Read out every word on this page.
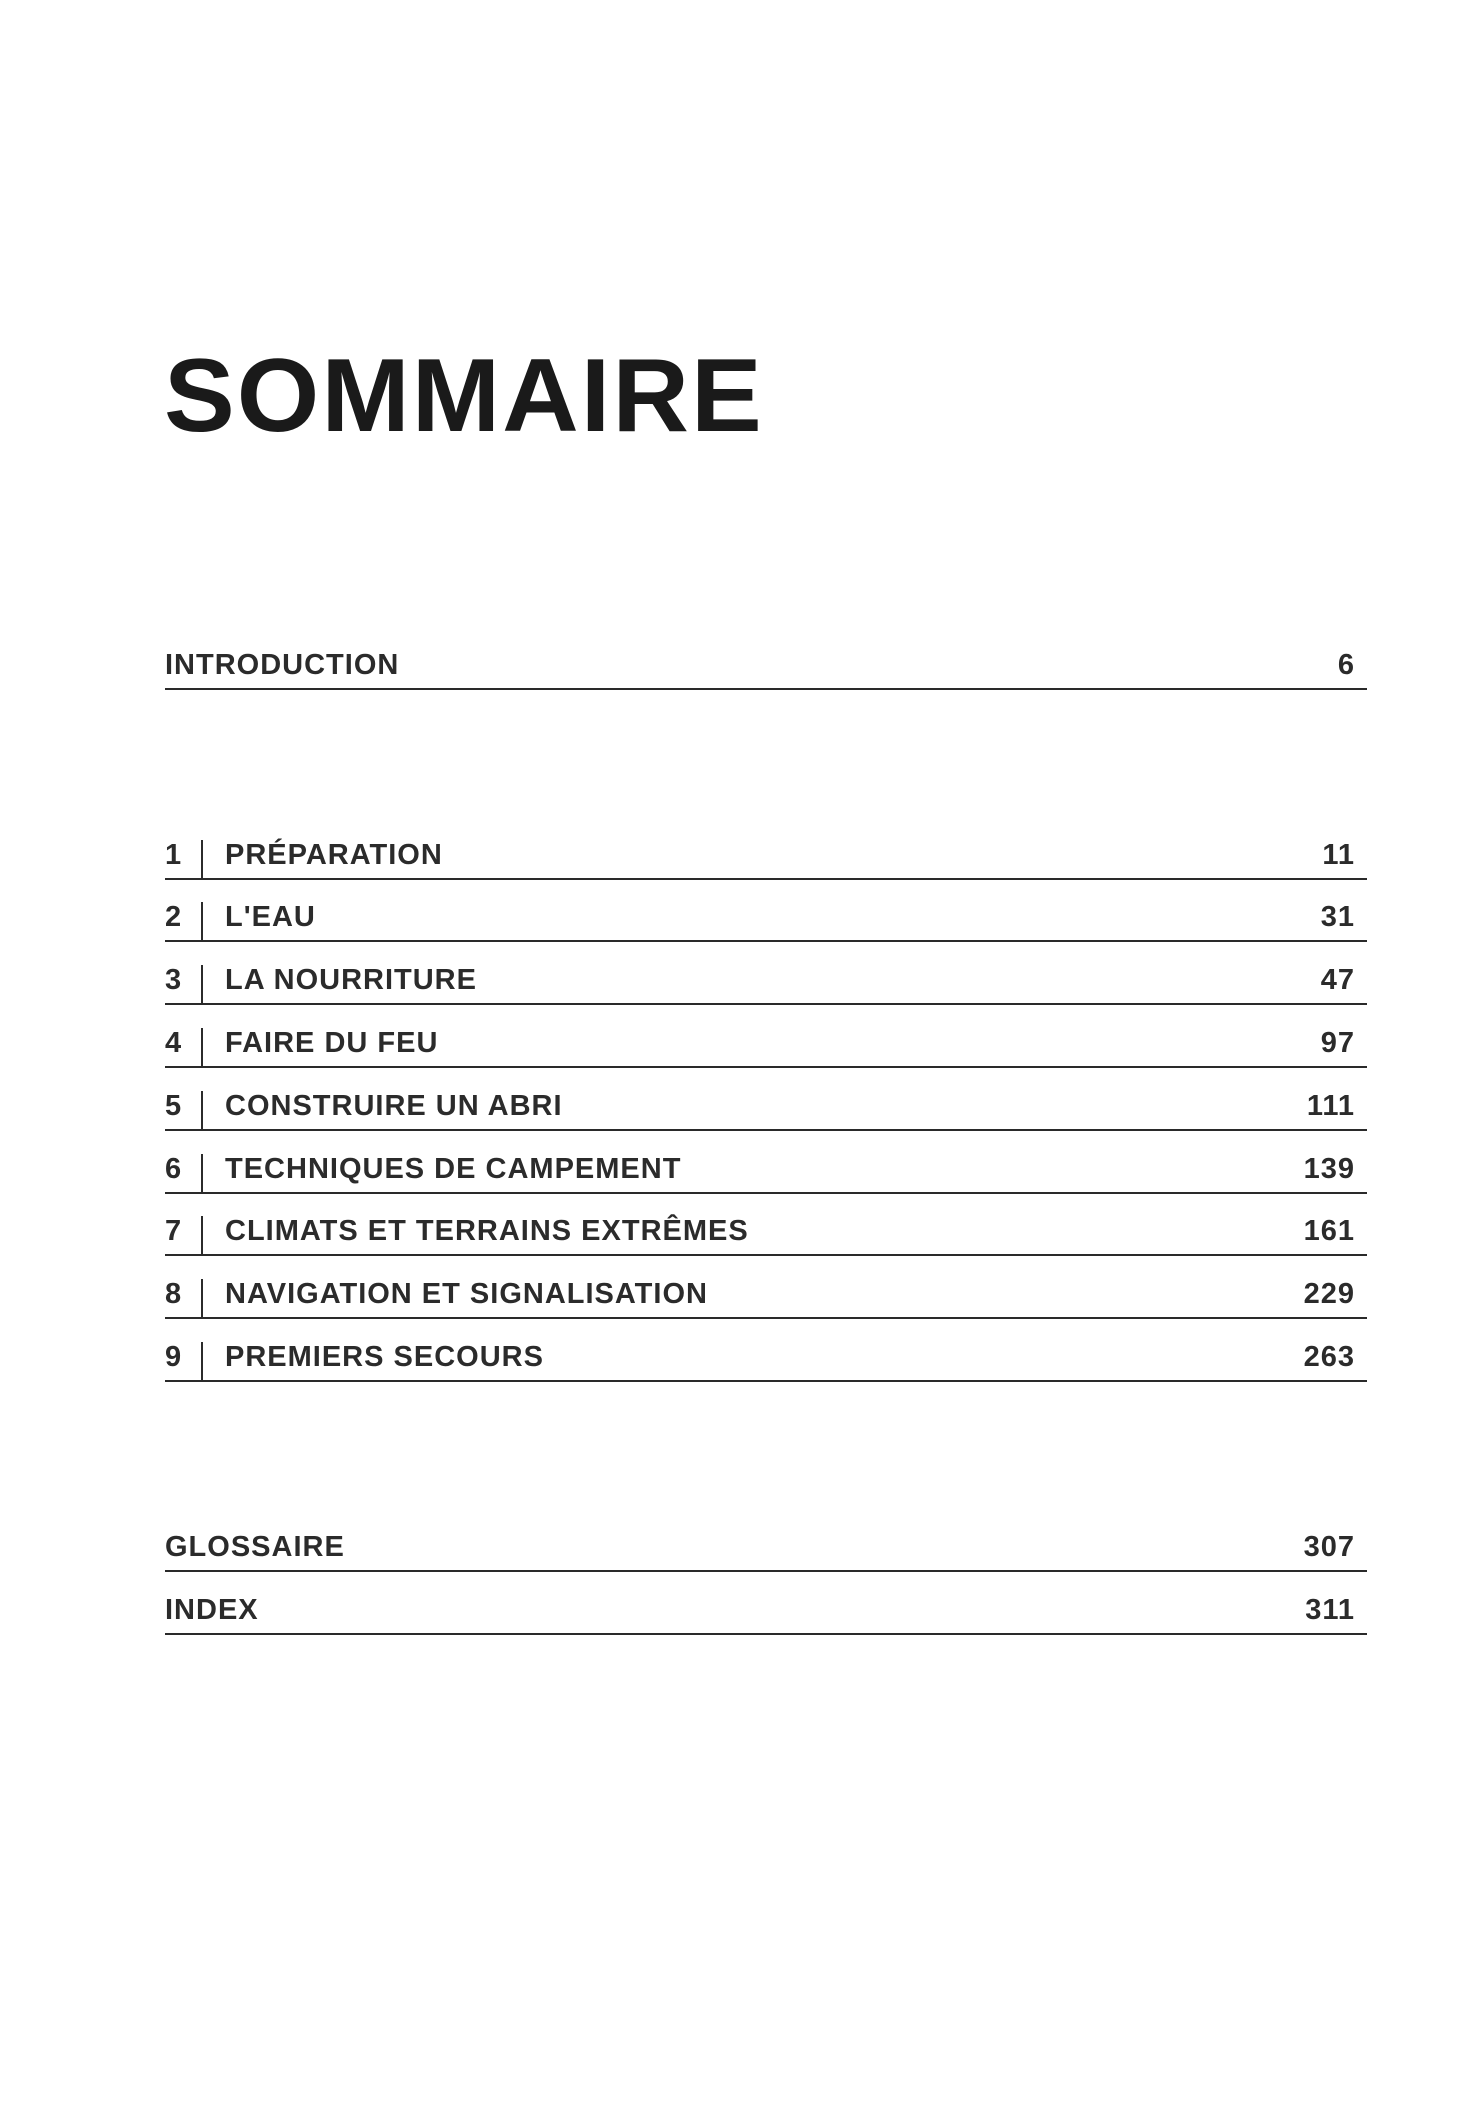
SOMMAIRE
INTRODUCTION	6
1	PRÉPARATION	11
2	L'EAU	31
3	LA NOURRITURE	47
4	FAIRE DU FEU	97
5	CONSTRUIRE UN ABRI	111
6	TECHNIQUES DE CAMPEMENT	139
7	CLIMATS ET TERRAINS EXTRÊMES	161
8	NAVIGATION ET SIGNALISATION	229
9	PREMIERS SECOURS	263
GLOSSAIRE	307
INDEX	311
